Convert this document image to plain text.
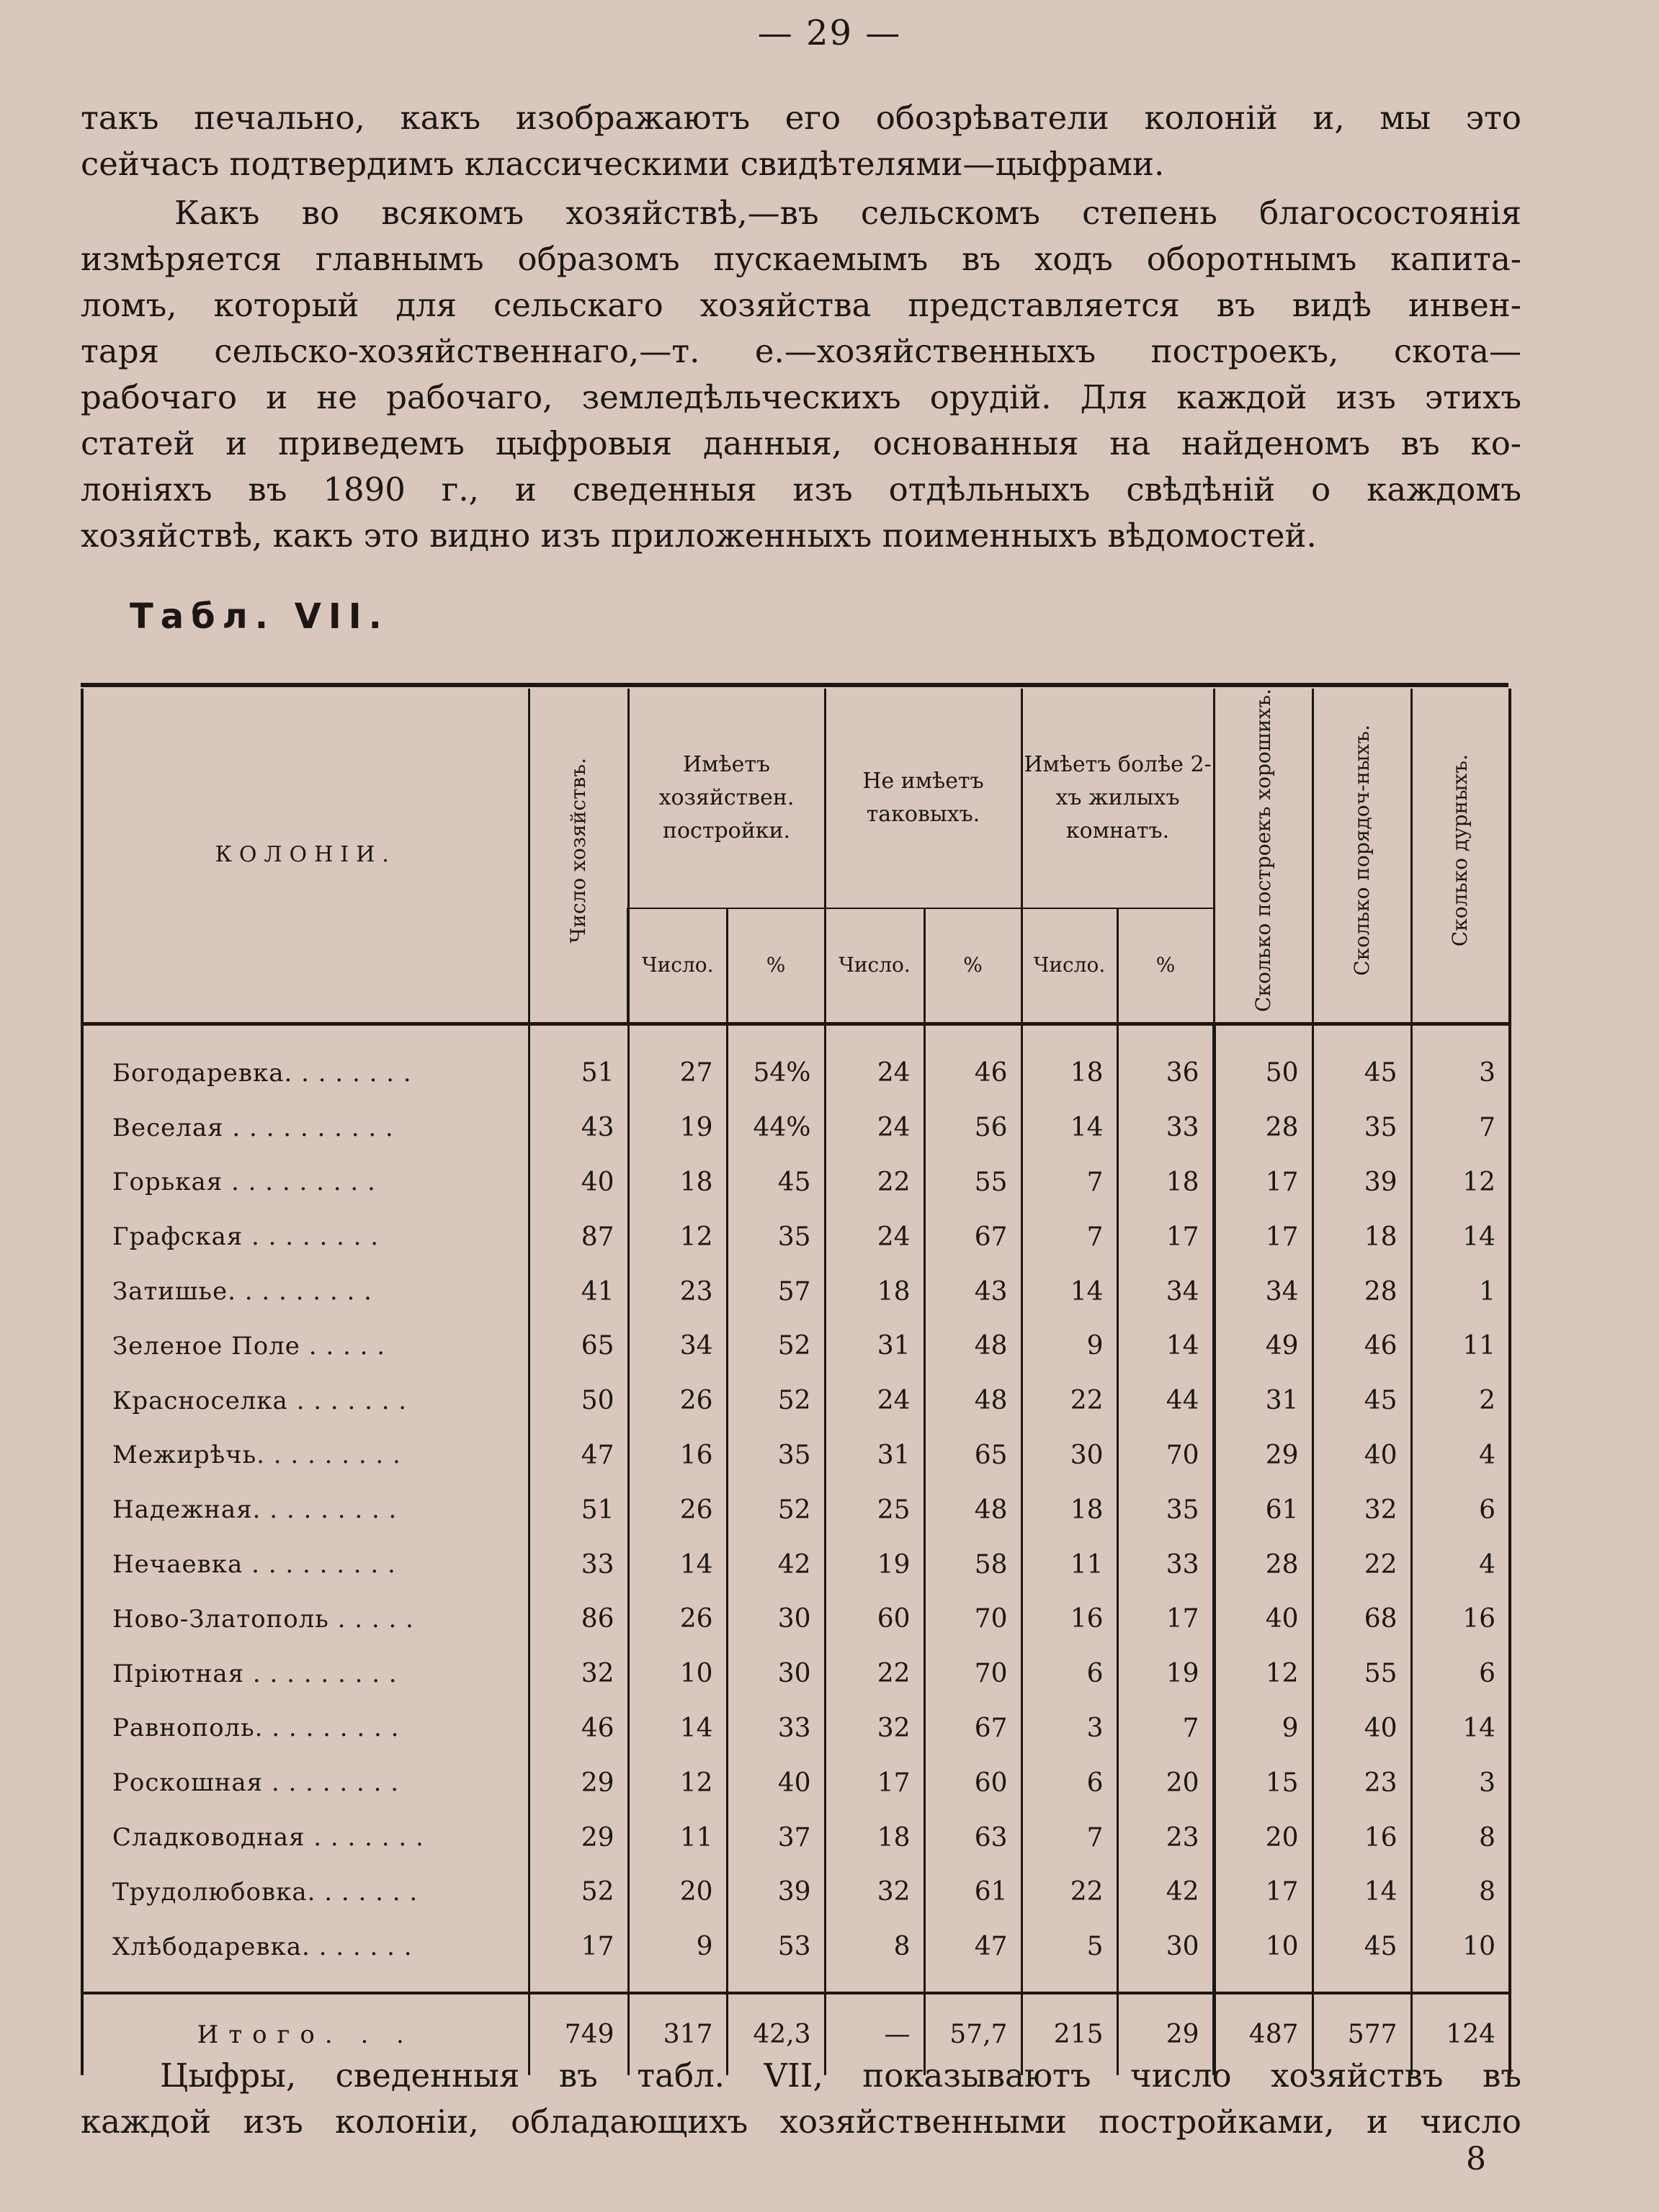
— 29 —

такъ печально, какъ изображаютъ его обозрѣватели колоній и, мы это
сейчасъ подтвердимъ классическими свидѣтелями—цыфрами.

Какъ во всякомъ хозяйствѣ,—въ сельскомъ степень благосостоянія
измѣряется главнымъ образомъ пускаемымъ въ ходъ оборотнымъ капита-
ломъ, который для сельскаго хозяйства представляется въ видѣ инвен-
таря сельско-хозяйственнаго,—т. е.—хозяйственныхъ построекъ, скота—
рабочаго и не рабочаго, земледѣльческихъ орудій. Для каждой изъ этихъ
статей и приведемъ цыфровыя данныя, основанныя на найденомъ въ ко-
лоніяхъ въ 1890 г., и сведенныя изъ отдѣльныхъ свѣдѣній о каждомъ
хозяйствѣ, какъ это видно изъ приложенныхъ поименныхъ вѣдомостей.

Табл. VII.
КОЛОНІИ.	Число хозяйствъ.	Имѣетъ хозяйствен. постройки.		Не имѣетъ таковыхъ.		Имѣетъ болѣе 2-хъ жилыхъ комнатъ.		Сколько построекъ хорошихъ.	Сколько порядоч-ныхъ.	Сколько дурныхъ.
		Число.	%	Число.	%	Число.	%			
Богодаревка. . . . . . . .	51	27	54%	24	46	18	36	50	45	3
Веселая . . . . . . . . . .	43	19	44%	24	56	14	33	28	35	7
Горькая . . . . . . . . .	40	18	45	22	55	7	18	17	39	12
Графская . . . . . . . .	87	12	35	24	67	7	17	17	18	14
Затишье. . . . . . . . .	41	23	57	18	43	14	34	34	28	1
Зеленое Поле . . . . .	65	34	52	31	48	9	14	49	46	11
Красноселка . . . . . . .	50	26	52	24	48	22	44	31	45	2
Межирѣчь. . . . . . . . .	47	16	35	31	65	30	70	29	40	4
Надежная. . . . . . . . .	51	26	52	25	48	18	35	61	32	6
Нечаевка . . . . . . . . .	33	14	42	19	58	11	33	28	22	4
Ново-Златополь . . . . .	86	26	30	60	70	16	17	40	68	16
Пріютная . . . . . . . . .	32	10	30	22	70	6	19	12	55	6
Равнополь. . . . . . . . .	46	14	33	32	67	3	7	9	40	14
Роскошная . . . . . . . .	29	12	40	17	60	6	20	15	23	3
Сладководная . . . . . . .	29	11	37	18	63	7	23	20	16	8
Трудолюбовка. . . . . . .	52	20	39	32	61	22	42	17	14	8
Хлѣбодаревка. . . . . . .	17	9	53	8	47	5	30	10	45	10
Итого. . .	749	317	42,3	—	57,7	215	29	487	577	124

Цыфры, сведенныя въ табл. VII, показываютъ число хозяйствъ въ
каждой изъ колоніи, обладающихъ хозяйственными постройками, и число

8
